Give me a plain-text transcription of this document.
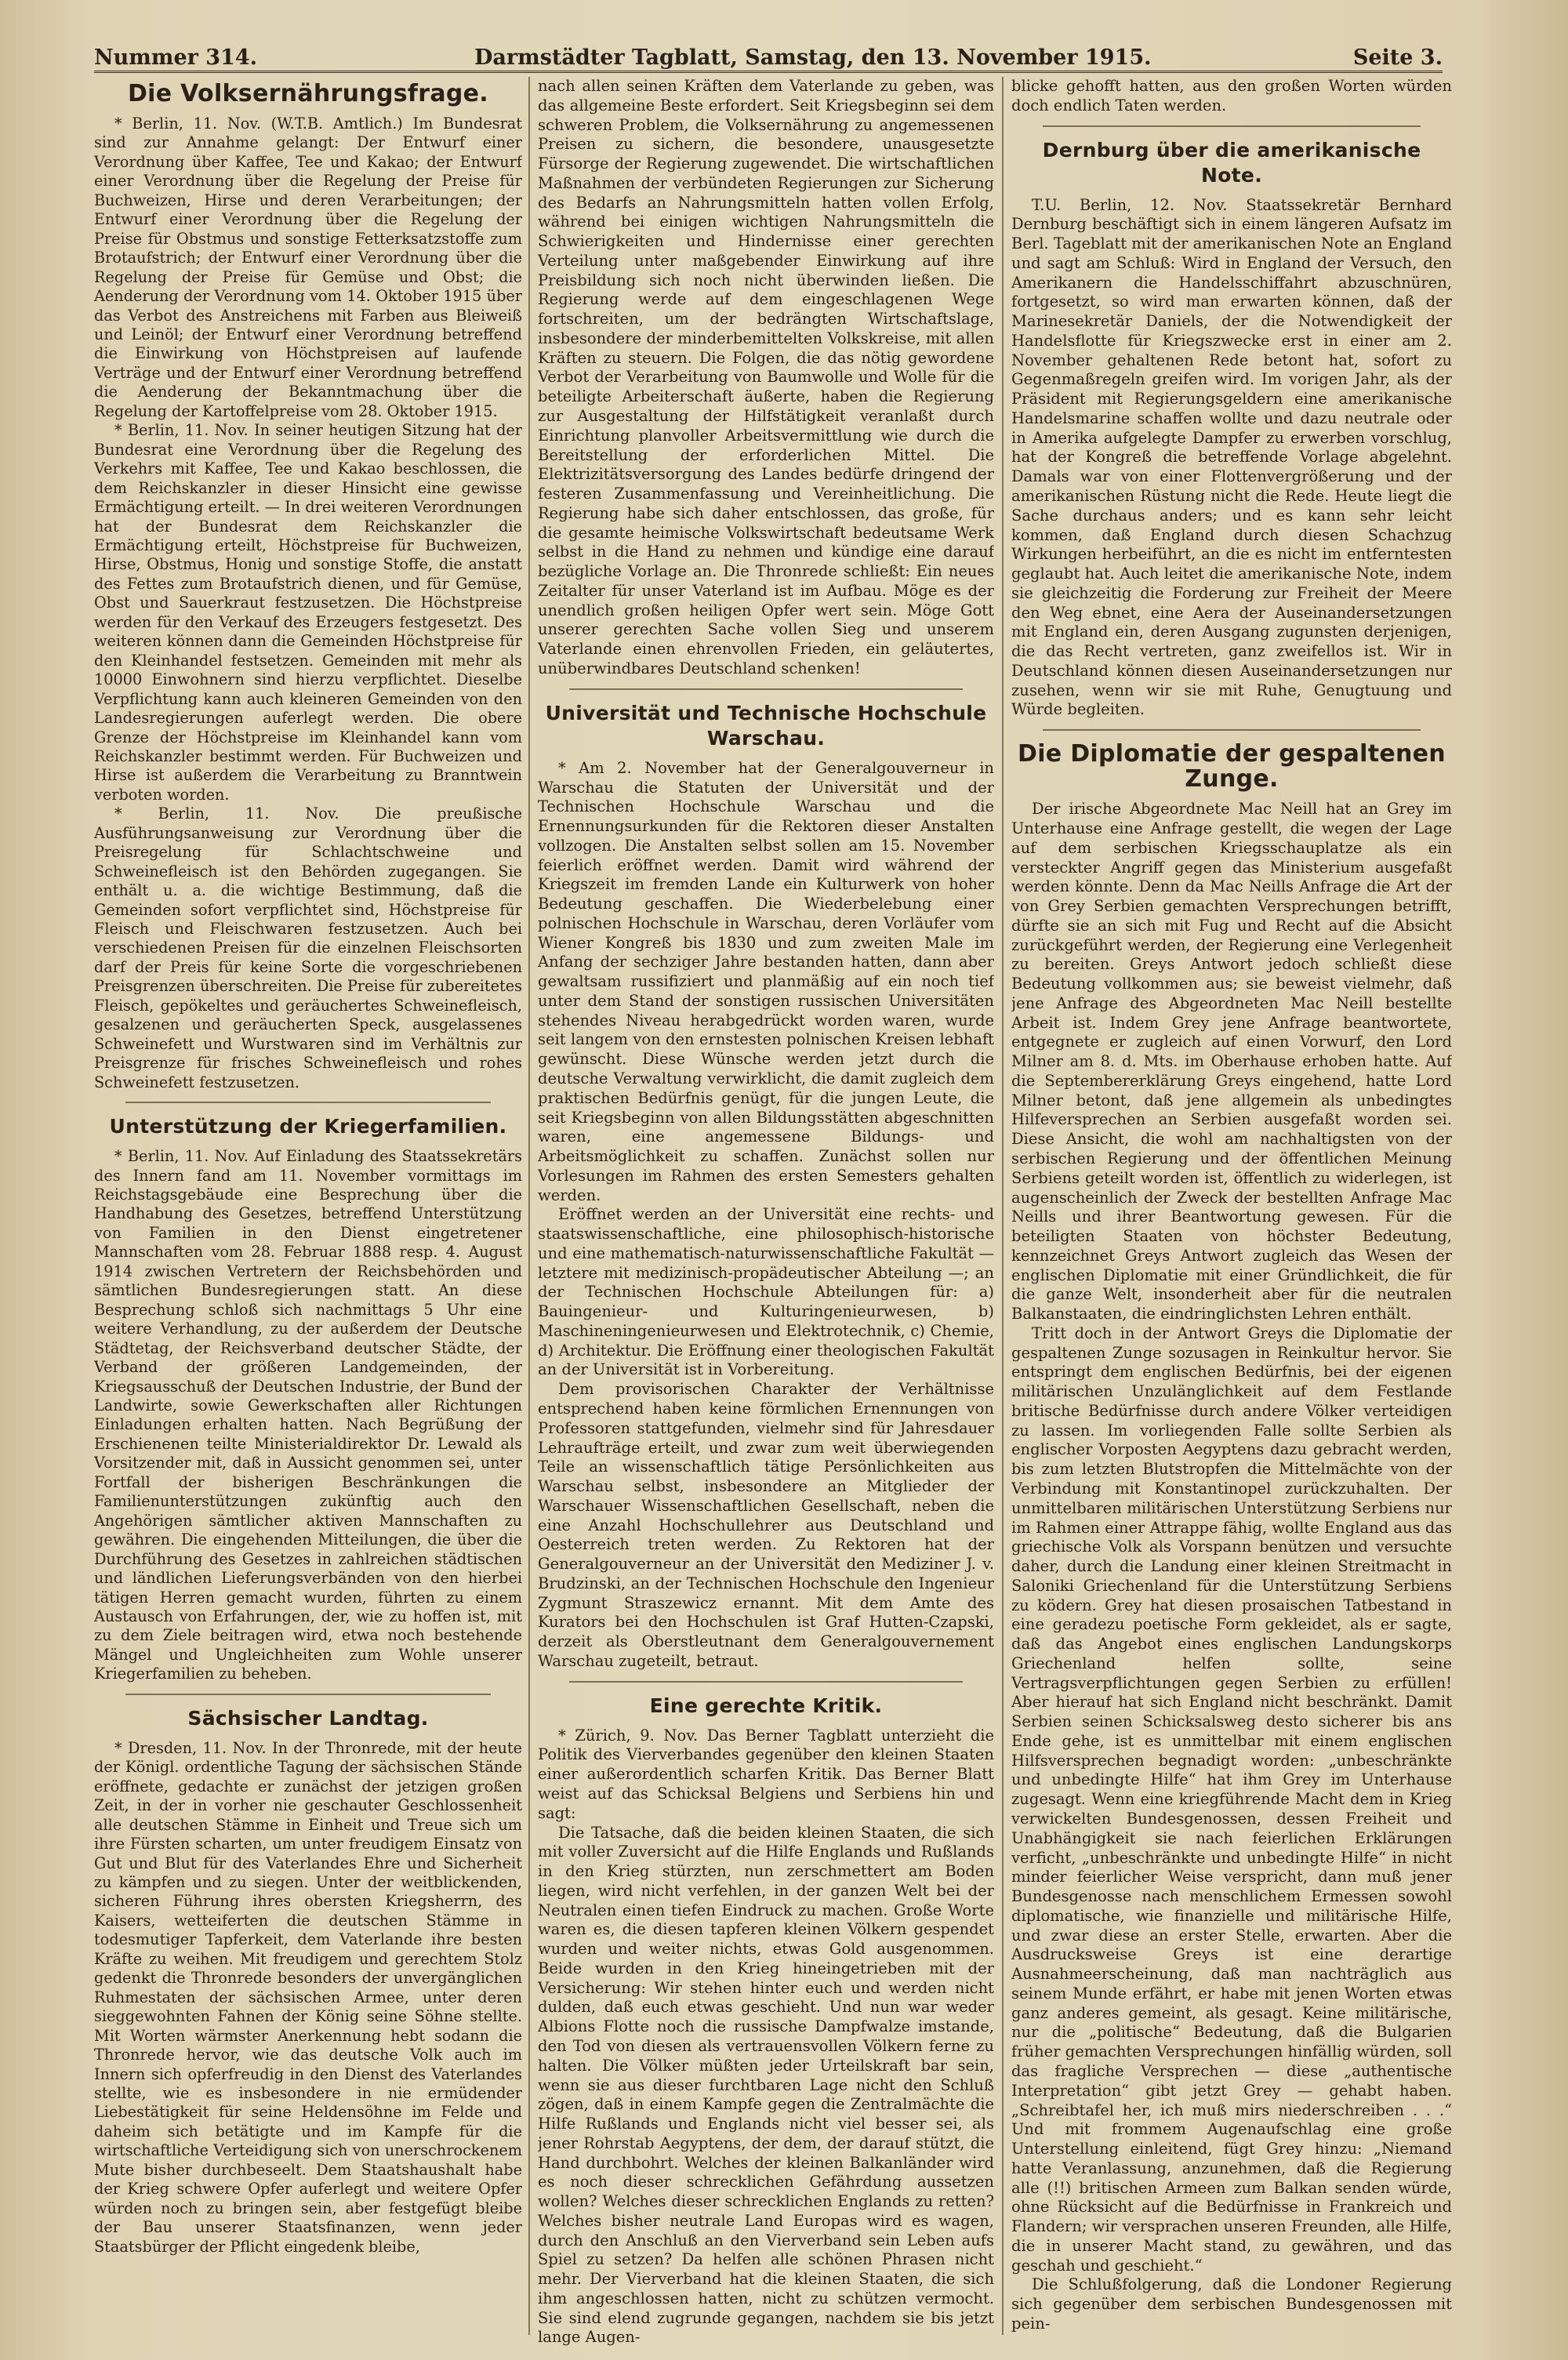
Nummer 314.	Darmstädter Tagblatt, Samstag, den 13. November 1915.	Seite 3.
Die Volksernährungsfrage.

* Berlin, 11. Nov. (W.T.B. Amtlich.) Im Bundesrat sind zur Annahme gelangt: Der Entwurf einer Verordnung über Kaffee, Tee und Kakao; der Entwurf einer Verordnung über die Regelung der Preise für Buchweizen, Hirse und deren Verarbeitungen; der Entwurf einer Verordnung über die Regelung der Preise für Obstmus und sonstige Fetterksatzstoffe zum Brotaufstrich; der Entwurf einer Verordnung über die Regelung der Preise für Gemüse und Obst; die Aenderung der Verordnung vom 14. Oktober 1915 über das Verbot des Anstreichens mit Farben aus Bleiweiß und Leinöl; der Entwurf einer Verordnung betreffend die Einwirkung von Höchstpreisen auf laufende Verträge und der Entwurf einer Verordnung betreffend die Aenderung der Bekanntmachung über die Regelung der Kartoffelpreise vom 28. Oktober 1915.

* Berlin, 11. Nov. In seiner heutigen Sitzung hat der Bundesrat eine Verordnung über die Regelung des Verkehrs mit Kaffee, Tee und Kakao beschlossen, die dem Reichskanzler in dieser Hinsicht eine gewisse Ermächtigung erteilt. — In drei weiteren Verordnungen hat der Bundesrat dem Reichskanzler die Ermächtigung erteilt, Höchstpreise für Buchweizen, Hirse, Obstmus, Honig und sonstige Stoffe, die anstatt des Fettes zum Brotaufstrich dienen, und für Gemüse, Obst und Sauerkraut festzusetzen. Die Höchstpreise werden für den Verkauf des Erzeugers festgesetzt. Des weiteren können dann die Gemeinden Höchstpreise für den Kleinhandel festsetzen. Gemeinden mit mehr als 10000 Einwohnern sind hierzu verpflichtet. Dieselbe Verpflichtung kann auch kleineren Gemeinden von den Landesregierungen auferlegt werden. Die obere Grenze der Höchstpreise im Kleinhandel kann vom Reichskanzler bestimmt werden. Für Buchweizen und Hirse ist außerdem die Verarbeitung zu Branntwein verboten worden.

* Berlin, 11. Nov. Die preußische Ausführungsanweisung zur Verordnung über die Preisregelung für Schlachtschweine und Schweinefleisch ist den Behörden zugegangen. Sie enthält u. a. die wichtige Bestimmung, daß die Gemeinden sofort verpflichtet sind, Höchstpreise für Fleisch und Fleischwaren festzusetzen. Auch bei verschiedenen Preisen für die einzelnen Fleischsorten darf der Preis für keine Sorte die vorgeschriebenen Preisgrenzen überschreiten. Die Preise für zubereitetes Fleisch, gepökeltes und geräuchertes Schweinefleisch, gesalzenen und geräucherten Speck, ausgelassenes Schweinefett und Wurstwaren sind im Verhältnis zur Preisgrenze für frisches Schweinefleisch und rohes Schweinefett festzusetzen.

Unterstützung der Kriegerfamilien.

* Berlin, 11. Nov. Auf Einladung des Staatssekretärs des Innern fand am 11. November vormittags im Reichstagsgebäude eine Besprechung über die Handhabung des Gesetzes, betreffend Unterstützung von Familien in den Dienst eingetretener Mannschaften vom 28. Februar 1888 resp. 4. August 1914 zwischen Vertretern der Reichsbehörden und sämtlichen Bundesregierungen statt. An diese Besprechung schloß sich nachmittags 5 Uhr eine weitere Verhandlung, zu der außerdem der Deutsche Städtetag, der Reichsverband deutscher Städte, der Verband der größeren Landgemeinden, der Kriegsausschuß der Deutschen Industrie, der Bund der Landwirte, sowie Gewerkschaften aller Richtungen Einladungen erhalten hatten. Nach Begrüßung der Erschienenen teilte Ministerialdirektor Dr. Lewald als Vorsitzender mit, daß in Aussicht genommen sei, unter Fortfall der bisherigen Beschränkungen die Familienunterstützungen zukünftig auch den Angehörigen sämtlicher aktiven Mannschaften zu gewähren. Die eingehenden Mitteilungen, die über die Durchführung des Gesetzes in zahlreichen städtischen und ländlichen Lieferungsverbänden von den hierbei tätigen Herren gemacht wurden, führten zu einem Austausch von Erfahrungen, der, wie zu hoffen ist, mit zu dem Ziele beitragen wird, etwa noch bestehende Mängel und Ungleichheiten zum Wohle unserer Kriegerfamilien zu beheben.

Sächsischer Landtag.

* Dresden, 11. Nov. In der Thronrede, mit der heute der Königl. ordentliche Tagung der sächsischen Stände eröffnete, gedachte er zunächst der jetzigen großen Zeit, in der in vorher nie geschauter Geschlossenheit alle deutschen Stämme in Einheit und Treue sich um ihre Fürsten scharten, um unter freudigem Einsatz von Gut und Blut für des Vaterlandes Ehre und Sicherheit zu kämpfen und zu siegen. Unter der weitblickenden, sicheren Führung ihres obersten Kriegsherrn, des Kaisers, wetteiferten die deutschen Stämme in todesmutiger Tapferkeit, dem Vaterlande ihre besten Kräfte zu weihen. Mit freudigem und gerechtem Stolz gedenkt die Thronrede besonders der unvergänglichen Ruhmestaten der sächsischen Armee, unter deren sieggewohnten Fahnen der König seine Söhne stellte. Mit Worten wärmster Anerkennung hebt sodann die Thronrede hervor, wie das deutsche Volk auch im Innern sich opferfreudig in den Dienst des Vaterlandes stellte, wie es insbesondere in nie ermüdender Liebestätigkeit für seine Heldensöhne im Felde und daheim sich betätigte und im Kampfe für die wirtschaftliche Verteidigung sich von unerschrockenem Mute bisher durchbeseelt. Dem Staatshaushalt habe der Krieg schwere Opfer auferlegt und weitere Opfer würden noch zu bringen sein, aber festgefügt bleibe der Bau unserer Staatsfinanzen, wenn jeder Staatsbürger der Pflicht eingedenk bleibe,

nach allen seinen Kräften dem Vaterlande zu geben, was das allgemeine Beste erfordert. Seit Kriegsbeginn sei dem schweren Problem, die Volksernährung zu angemessenen Preisen zu sichern, die besondere, unausgesetzte Fürsorge der Regierung zugewendet. Die wirtschaftlichen Maßnahmen der verbündeten Regierungen zur Sicherung des Bedarfs an Nahrungsmitteln hatten vollen Erfolg, während bei einigen wichtigen Nahrungsmitteln die Schwierigkeiten und Hindernisse einer gerechten Verteilung unter maßgebender Einwirkung auf ihre Preisbildung sich noch nicht überwinden ließen. Die Regierung werde auf dem eingeschlagenen Wege fortschreiten, um der bedrängten Wirtschaftslage, insbesondere der minderbemittelten Volkskreise, mit allen Kräften zu steuern. Die Folgen, die das nötig gewordene Verbot der Verarbeitung von Baumwolle und Wolle für die beteiligte Arbeiterschaft äußerte, haben die Regierung zur Ausgestaltung der Hilfstätigkeit veranlaßt durch Einrichtung planvoller Arbeitsvermittlung wie durch die Bereitstellung der erforderlichen Mittel. Die Elektrizitätsversorgung des Landes bedürfe dringend der festeren Zusammenfassung und Vereinheitlichung. Die Regierung habe sich daher entschlossen, das große, für die gesamte heimische Volkswirtschaft bedeutsame Werk selbst in die Hand zu nehmen und kündige eine darauf bezügliche Vorlage an. Die Thronrede schließt: Ein neues Zeitalter für unser Vaterland ist im Aufbau. Möge es der unendlich großen heiligen Opfer wert sein. Möge Gott unserer gerechten Sache vollen Sieg und unserem Vaterlande einen ehrenvollen Frieden, ein geläutertes, unüberwindbares Deutschland schenken!

Universität und Technische Hochschule Warschau.

* Am 2. November hat der Generalgouverneur in Warschau die Statuten der Universität und der Technischen Hochschule Warschau und die Ernennungsurkunden für die Rektoren dieser Anstalten vollzogen. Die Anstalten selbst sollen am 15. November feierlich eröffnet werden. Damit wird während der Kriegszeit im fremden Lande ein Kulturwerk von hoher Bedeutung geschaffen. Die Wiederbelebung einer polnischen Hochschule in Warschau, deren Vorläufer vom Wiener Kongreß bis 1830 und zum zweiten Male im Anfang der sechziger Jahre bestanden hatten, dann aber gewaltsam russifiziert und planmäßig auf ein noch tief unter dem Stand der sonstigen russischen Universitäten stehendes Niveau herabgedrückt worden waren, wurde seit langem von den ernstesten polnischen Kreisen lebhaft gewünscht. Diese Wünsche werden jetzt durch die deutsche Verwaltung verwirklicht, die damit zugleich dem praktischen Bedürfnis genügt, für die jungen Leute, die seit Kriegsbeginn von allen Bildungsstätten abgeschnitten waren, eine angemessene Bildungs- und Arbeitsmöglichkeit zu schaffen. Zunächst sollen nur Vorlesungen im Rahmen des ersten Semesters gehalten werden.

Eröffnet werden an der Universität eine rechts- und staatswissenschaftliche, eine philosophisch-historische und eine mathematisch-naturwissenschaftliche Fakultät — letztere mit medizinisch-propädeutischer Abteilung —; an der Technischen Hochschule Abteilungen für: a) Bauingenieur- und Kulturingenieurwesen, b) Maschineningenieurwesen und Elektrotechnik, c) Chemie, d) Architektur. Die Eröffnung einer theologischen Fakultät an der Universität ist in Vorbereitung.

Dem provisorischen Charakter der Verhältnisse entsprechend haben keine förmlichen Ernennungen von Professoren stattgefunden, vielmehr sind für Jahresdauer Lehraufträge erteilt, und zwar zum weit überwiegenden Teile an wissenschaftlich tätige Persönlichkeiten aus Warschau selbst, insbesondere an Mitglieder der Warschauer Wissenschaftlichen Gesellschaft, neben die eine Anzahl Hochschullehrer aus Deutschland und Oesterreich treten werden. Zu Rektoren hat der Generalgouverneur an der Universität den Mediziner J. v. Brudzinski, an der Technischen Hochschule den Ingenieur Zygmunt Straszewicz ernannt. Mit dem Amte des Kurators bei den Hochschulen ist Graf Hutten-Czapski, derzeit als Oberstleutnant dem Generalgouvernement Warschau zugeteilt, betraut.

Eine gerechte Kritik.

* Zürich, 9. Nov. Das Berner Tagblatt unterzieht die Politik des Vierverbandes gegenüber den kleinen Staaten einer außerordentlich scharfen Kritik. Das Berner Blatt weist auf das Schicksal Belgiens und Serbiens hin und sagt:

Die Tatsache, daß die beiden kleinen Staaten, die sich mit voller Zuversicht auf die Hilfe Englands und Rußlands in den Krieg stürzten, nun zerschmettert am Boden liegen, wird nicht verfehlen, in der ganzen Welt bei der Neutralen einen tiefen Eindruck zu machen. Große Worte waren es, die diesen tapferen kleinen Völkern gespendet wurden und weiter nichts, etwas Gold ausgenommen. Beide wurden in den Krieg hineingetrieben mit der Versicherung: Wir stehen hinter euch und werden nicht dulden, daß euch etwas geschieht. Und nun war weder Albions Flotte noch die russische Dampfwalze imstande, den Tod von diesen als vertrauensvollen Völkern ferne zu halten. Die Völker müßten jeder Urteilskraft bar sein, wenn sie aus dieser furchtbaren Lage nicht den Schluß zögen, daß in einem Kampfe gegen die Zentralmächte die Hilfe Rußlands und Englands nicht viel besser sei, als jener Rohrstab Aegyptens, der dem, der darauf stützt, die Hand durchbohrt. Welches der kleinen Balkanländer wird es noch dieser schrecklichen Gefährdung aussetzen wollen? Welches dieser schrecklichen Englands zu retten? Welches bisher neutrale Land Europas wird es wagen, durch den Anschluß an den Vierverband sein Leben aufs Spiel zu setzen? Da helfen alle schönen Phrasen nicht mehr. Der Vierverband hat die kleinen Staaten, die sich ihm angeschlossen hatten, nicht zu schützen vermocht. Sie sind elend zugrunde gegangen, nachdem sie bis jetzt lange Augen-

blicke gehofft hatten, aus den großen Worten würden doch endlich Taten werden.

Dernburg über die amerikanische Note.

T.U. Berlin, 12. Nov. Staatssekretär Bernhard Dernburg beschäftigt sich in einem längeren Aufsatz im Berl. Tageblatt mit der amerikanischen Note an England und sagt am Schluß: Wird in England der Versuch, den Amerikanern die Handelsschiffahrt abzuschnüren, fortgesetzt, so wird man erwarten können, daß der Marinesekretär Daniels, der die Notwendigkeit der Handelsflotte für Kriegszwecke erst in einer am 2. November gehaltenen Rede betont hat, sofort zu Gegenmaßregeln greifen wird. Im vorigen Jahr, als der Präsident mit Regierungsgeldern eine amerikanische Handelsmarine schaffen wollte und dazu neutrale oder in Amerika aufgelegte Dampfer zu erwerben vorschlug, hat der Kongreß die betreffende Vorlage abgelehnt. Damals war von einer Flottenvergrößerung und der amerikanischen Rüstung nicht die Rede. Heute liegt die Sache durchaus anders; und es kann sehr leicht kommen, daß England durch diesen Schachzug Wirkungen herbeiführt, an die es nicht im entferntesten geglaubt hat. Auch leitet die amerikanische Note, indem sie gleichzeitig die Forderung zur Freiheit der Meere den Weg ebnet, eine Aera der Auseinandersetzungen mit England ein, deren Ausgang zugunsten derjenigen, die das Recht vertreten, ganz zweifellos ist. Wir in Deutschland können diesen Auseinandersetzungen nur zusehen, wenn wir sie mit Ruhe, Genugtuung und Würde begleiten.

Die Diplomatie der gespaltenen Zunge.

Der irische Abgeordnete Mac Neill hat an Grey im Unterhause eine Anfrage gestellt, die wegen der Lage auf dem serbischen Kriegsschauplatze als ein versteckter Angriff gegen das Ministerium ausgefaßt werden könnte. Denn da Mac Neills Anfrage die Art der von Grey Serbien gemachten Versprechungen betrifft, dürfte sie an sich mit Fug und Recht auf die Absicht zurückgeführt werden, der Regierung eine Verlegenheit zu bereiten. Greys Antwort jedoch schließt diese Bedeutung vollkommen aus; sie beweist vielmehr, daß jene Anfrage des Abgeordneten Mac Neill bestellte Arbeit ist. Indem Grey jene Anfrage beantwortete, entgegnete er zugleich auf einen Vorwurf, den Lord Milner am 8. d. Mts. im Oberhause erhoben hatte. Auf die Septembererklärung Greys eingehend, hatte Lord Milner betont, daß jene allgemein als unbedingtes Hilfeversprechen an Serbien ausgefaßt worden sei. Diese Ansicht, die wohl am nachhaltigsten von der serbischen Regierung und der öffentlichen Meinung Serbiens geteilt worden ist, öffentlich zu widerlegen, ist augenscheinlich der Zweck der bestellten Anfrage Mac Neills und ihrer Beantwortung gewesen. Für die beteiligten Staaten von höchster Bedeutung, kennzeichnet Greys Antwort zugleich das Wesen der englischen Diplomatie mit einer Gründlichkeit, die für die ganze Welt, insonderheit aber für die neutralen Balkanstaaten, die eindringlichsten Lehren enthält.

Tritt doch in der Antwort Greys die Diplomatie der gespaltenen Zunge sozusagen in Reinkultur hervor. Sie entspringt dem englischen Bedürfnis, bei der eigenen militärischen Unzulänglichkeit auf dem Festlande britische Bedürfnisse durch andere Völker verteidigen zu lassen. Im vorliegenden Falle sollte Serbien als englischer Vorposten Aegyptens dazu gebracht werden, bis zum letzten Blutstropfen die Mittelmächte von der Verbindung mit Konstantinopel zurückzuhalten. Der unmittelbaren militärischen Unterstützung Serbiens nur im Rahmen einer Attrappe fähig, wollte England aus das griechische Volk als Vorspann benützen und versuchte daher, durch die Landung einer kleinen Streitmacht in Saloniki Griechenland für die Unterstützung Serbiens zu ködern. Grey hat diesen prosaischen Tatbestand in eine geradezu poetische Form gekleidet, als er sagte, daß das Angebot eines englischen Landungskorps Griechenland helfen sollte, seine Vertragsverpflichtungen gegen Serbien zu erfüllen! Aber hierauf hat sich England nicht beschränkt. Damit Serbien seinen Schicksalsweg desto sicherer bis ans Ende gehe, ist es unmittelbar mit einem englischen Hilfsversprechen begnadigt worden: „unbeschränkte und unbedingte Hilfe“ hat ihm Grey im Unterhause zugesagt. Wenn eine kriegführende Macht dem in Krieg verwickelten Bundesgenossen, dessen Freiheit und Unabhängigkeit sie nach feierlichen Erklärungen verficht, „unbeschränkte und unbedingte Hilfe“ in nicht minder feierlicher Weise verspricht, dann muß jener Bundesgenosse nach menschlichem Ermessen sowohl diplomatische, wie finanzielle und militärische Hilfe, und zwar diese an erster Stelle, erwarten. Aber die Ausdrucksweise Greys ist eine derartige Ausnahmeerscheinung, daß man nachträglich aus seinem Munde erfährt, er habe mit jenen Worten etwas ganz anderes gemeint, als gesagt. Keine militärische, nur die „politische“ Bedeutung, daß die Bulgarien früher gemachten Versprechungen hinfällig würden, soll das fragliche Versprechen — diese „authentische Interpretation“ gibt jetzt Grey — gehabt haben. „Schreibtafel her, ich muß mirs niederschreiben . . .“ Und mit frommem Augenaufschlag eine große Unterstellung einleitend, fügt Grey hinzu: „Niemand hatte Veranlassung, anzunehmen, daß die Regierung alle (!!) britischen Armeen zum Balkan senden würde, ohne Rücksicht auf die Bedürfnisse in Frankreich und Flandern; wir versprachen unseren Freunden, alle Hilfe, die in unserer Macht stand, zu gewähren, und das geschah und geschieht.“

Die Schlußfolgerung, daß die Londoner Regierung sich gegenüber dem serbischen Bundesgenossen mit pein-
